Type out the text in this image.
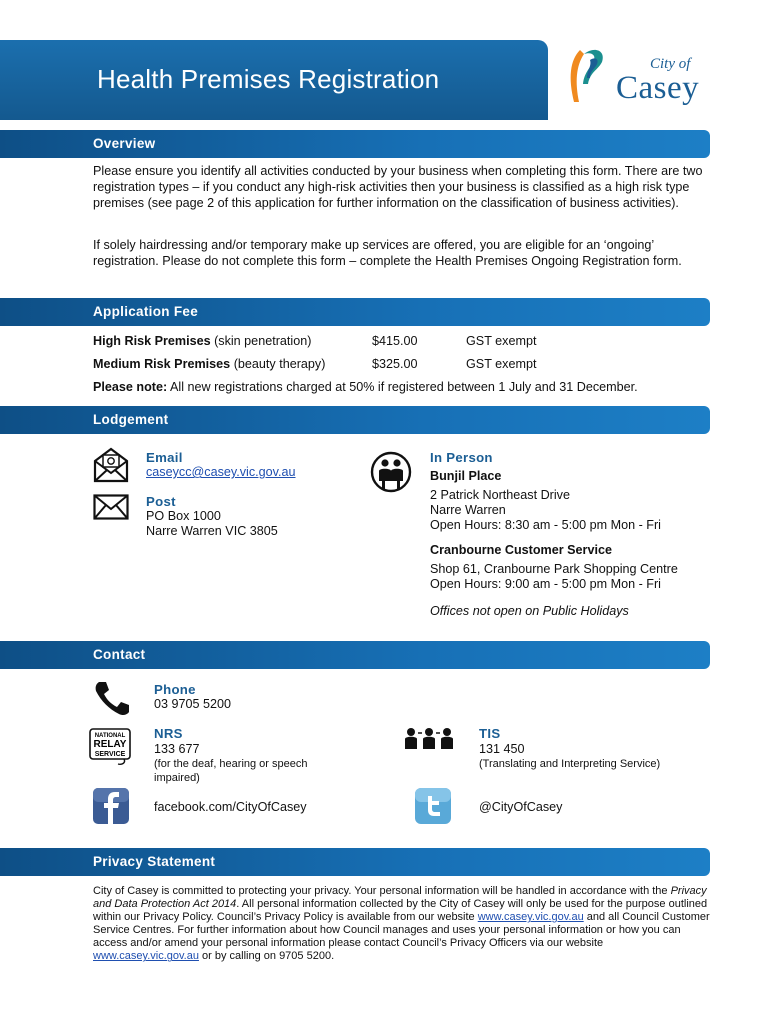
Health Premises Registration	City of
Casey
Overview
Please ensure you identify all activities conducted by your business when completing this form. There are two registration types – if you conduct any high-risk activities then your business is classified as a high risk type premises (see page 2 of this application for further information on the classification of business activities).
If solely hairdressing and/or temporary make up services are offered, you are eligible for an ‘ongoing’ registration. Please do not complete this form – complete the Health Premises Ongoing Registration form.
Application Fee
High Risk Premises (skin penetration)	$415.00	GST exempt
Medium Risk Premises (beauty therapy)	$325.00	GST exempt
Please note: All new registrations charged at 50% if registered between 1 July and 31 December.
Lodgement
Email
caseycc@casey.vic.gov.au
Post
PO Box 1000
Narre Warren VIC 3805
In Person
Bunjil Place
2 Patrick Northeast Drive
Narre Warren
Open Hours: 8:30 am - 5:00 pm Mon - Fri
Cranbourne Customer Service
Shop 61, Cranbourne Park Shopping Centre
Open Hours: 9:00 am - 5:00 pm Mon - Fri
Offices not open on Public Holidays
Contact
Phone
03 9705 5200
NATIONAL
RELAY
SERVICE
NRS
133 677
(for the deaf, hearing or speech
impaired)
TIS
131 450
(Translating and Interpreting Service)
facebook.com/CityOfCasey	@CityOfCasey
Privacy Statement
City of Casey is committed to protecting your privacy. Your personal information will be handled in accordance with the Privacy and Data Protection Act 2014. All personal information collected by the City of Casey will only be used for the purpose outlined within our Privacy Policy. Council’s Privacy Policy is available from our website www.casey.vic.gov.au and all Council Customer Service Centres. For further information about how Council manages and uses your personal information or how you can access and/or amend your personal information please contact Council’s Privacy Officers via our website www.casey.vic.gov.au or by calling on 9705 5200.
